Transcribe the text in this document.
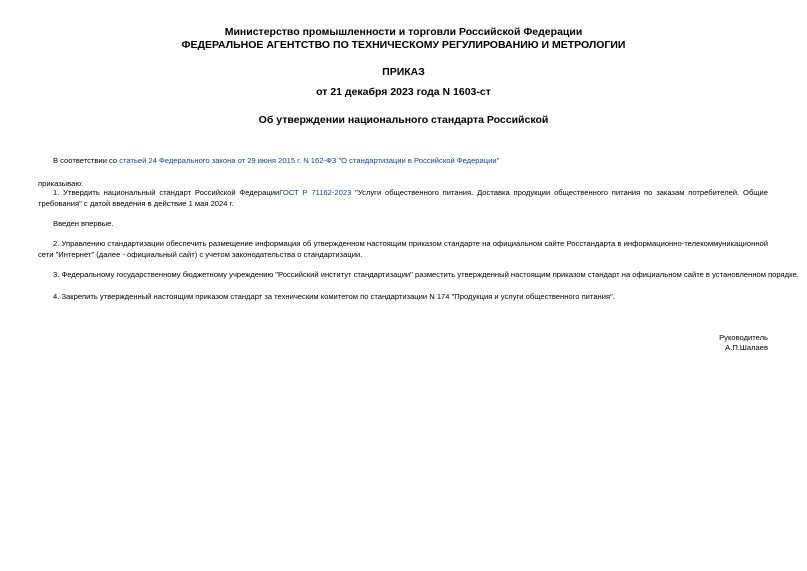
Министерство промышленности и торговли Российской Федерации
ФЕДЕРАЛЬНОЕ АГЕНТСТВО ПО ТЕХНИЧЕСКОМУ РЕГУЛИРОВАНИЮ И МЕТРОЛОГИИ
ПРИКАЗ
от 21 декабря 2023 года N 1603-ст
Об утверждении национального стандарта Российской
В соответствии со статьей 24 Федерального закона от 29 июня 2015 г. N 162-ФЗ "О стандартизации в Российской Федерации"
приказываю:
1. Утвердить национальный стандарт Российской ФедерацииГОСТ Р 71162-2023 "Услуги общественного питания. Доставка продукции общественного питания по заказам потребителей. Общие требования" с датой введения в действие 1 мая 2024 г.
Введен впервые.
2. Управлению стандартизации обеспечить размещение информации об утвержденном настоящим приказом стандарте на официальном сайте Росстандарта в информационно-телекоммуникационной сети "Интернет" (далее - официальный сайт) с учетом законодательства о стандартизации.
3. Федеральному государственному бюджетному учреждению "Российский институт стандартизации" разместить утвержденный настоящим приказом стандарт на официальном сайте в установленном порядке.
4. Закрепить утвержденный настоящим приказом стандарт за техническим комитетом по стандартизации N 174 "Продукция и услуги общественного питания".
Руководитель
А.П.Шалаев
